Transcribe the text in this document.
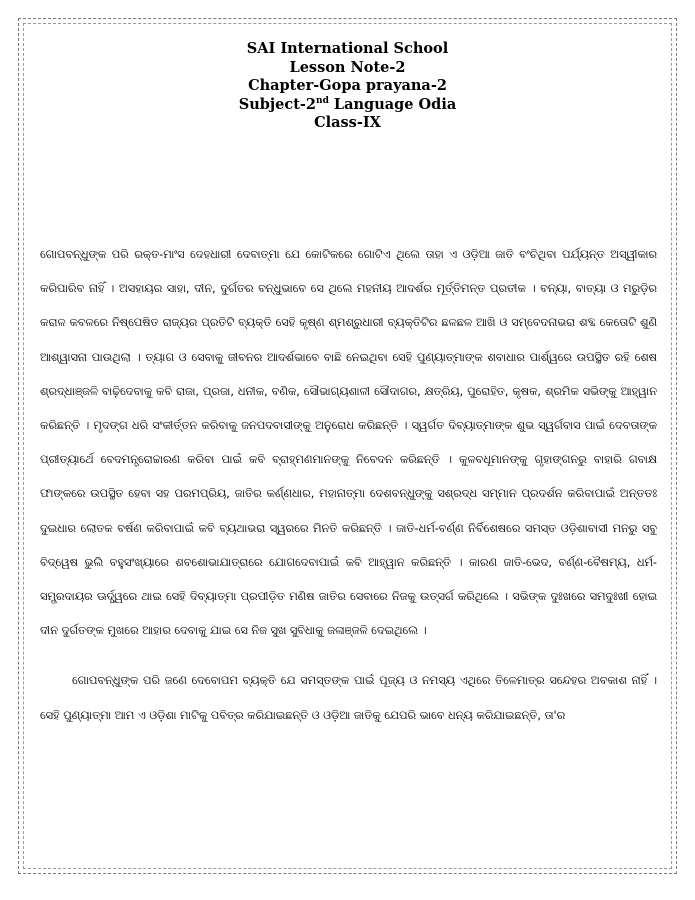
SAI International School
Lesson Note-2
Chapter-Gopa prayana-2
Subject-2nd Language Odia
Class-IX

ଗୋପବନ୍ଧୁଙ୍କ ପରି ରକ୍ତ-ମାଂସ ଦେହଧାରୀ ଦେବାତ୍ମା ଯେ କୋଟିକରେ ଗୋଟିଏ ଥିଲେ ତାହା ଏ ଓଡ଼ିଆ ଜାତି ବଂଚିଥିବା ପର୍ଯ୍ୟନ୍ତ ଅସ୍ୱୀକାର କରିପାରିବ ନାହିଁ । ଅସହାୟର ସାହା, ଦୀନ, ଦୁର୍ଗତର ବନ୍ଧୁଭାବେ ସେ ଥିଲେ ମହନୀୟ ଆଦର୍ଶର ମୂର୍ତ୍ତିମନ୍ତ ପ୍ରତୀକ । ବନ୍ୟା, ବାତ୍ୟା ଓ ମରୁଡ଼ିର କରାଳ କବଳରେ ନିଷ୍ପେଷିତ ରାଜ୍ୟର ପ୍ରତିଟି ବ୍ୟକ୍ତି ସେହି କୃଷ୍ଣ ଶ୍ମଶ୍ରୁଧାରୀ ବ୍ୟକ୍ତିଟିର ଛଳଛଳ ଆଖି ଓ ସମ୍ବେଦନାଭରା ଶବ୍ଦ କେତୋଟି ଶୁଣି ଆଶ୍ୱାସନା ପାଉଥିଲା । ତ୍ୟାଗ ଓ ସେବାକୁ ଜୀବନର ଆଦର୍ଶଭାବେ ବାଛି ନେଇଥିବା ସେହି ପୁଣ୍ୟାତ୍ମାଙ୍କ ଶବାଧାର ପାର୍ଶ୍ୱରେ ଉପସ୍ଥିତ ରହି ଶେଷ ଶ୍ରଦ୍ଧାଞ୍ଜଳି ବାଢ଼ିଦେବାକୁ କବି ରାଜା, ପ୍ରଜା, ଧନୀକ, ବଣିକ, ସୌଭାଗ୍ୟଶାଳୀ ସୌଦାଗର, କ୍ଷତ୍ରିୟ, ପୁରୋହିତ, କୃଷକ, ଶ୍ରମିକ ସଭିଙ୍କୁ ଆହ୍ୱାନ କରିଛନ୍ତି । ମୃଦଙ୍ଗ ଧରି ସଂକୀର୍ତ୍ତନ କରିବାକୁ ଜନପଦବାସୀଙ୍କୁ ଅନୁରୋଧ କରିଛନ୍ତି । ସ୍ୱର୍ଗତ ଦିବ୍ୟାତ୍ମାଙ୍କ ଶୁଭ ସ୍ୱର୍ଗବାସ ପାଇଁ ଦେବତାଙ୍କ ପ୍ରୀତ୍ୟାର୍ଥେ ବେଦମନ୍ତ୍ରୋଚ୍ଚାରଣ କରିବା ପାଇଁ କବି ବ୍ରାହ୍ମଣମାନଙ୍କୁ ନିବେଦନ କରିଛନ୍ତି । କୁଳବଧୂମାନଙ୍କୁ ଗୃହାଙ୍ଗନରୁ ବାହାରି ଗବାକ୍ଷ ଫାଙ୍କରେ ଉପସ୍ଥିତ ହେବା ସହ ପରମପ୍ରିୟ, ଜାତିର କର୍ଣ୍ଣଧାର, ମହାନାତ୍ମା ଦେଶବନ୍ଧୁଙ୍କୁ ସଶ୍ରଦ୍ଧ ସମ୍ମାନ ପ୍ରଦର୍ଶନ କରିବାପାଇଁ ଅନ୍ତତଃ ଦୁଇଧାର ଲୋତକ ବର୍ଷଣ କରିବାପାଇଁ କବି ବ୍ୟଥାଭରା ସ୍ୱରରେ ମିନତି କରିଛନ୍ତି । ଜାତି-ଧର୍ମ-ବର୍ଣ୍ଣ ନିର୍ବିଶେଷରେ ସମସ୍ତ ଓଡ଼ିଶାବାସୀ ମନରୁ ସବୁ ବିଦ୍ୱେଷ ଭୁଲି ବହୁସଂଖ୍ୟାରେ ଶବଶୋଭାଯାତ୍ରାରେ ଯୋଗଦେବାପାଇଁ କବି ଆହ୍ୱାନ କରିଛନ୍ତି । କାରଣ ଜାତି-ଭେଦ, ବର୍ଣ୍ଣ-ବୈଷମ୍ୟ, ଧର୍ମ-ସମ୍ପ୍ରଦାୟର ଊର୍ଦ୍ଧ୍ୱରେ ଥାଇ ସେହି ଦିବ୍ୟାତ୍ମା ପ୍ରପୀଡ଼ିତ ମଣିଷ ଜାତିର ସେବାରେ ନିଜକୁ ଉତ୍ସର୍ଗ କରିଥିଲେ । ସଭିଙ୍କ ଦୁଃଖରେ ସମଦୁଃଖୀ ହୋଇ ଦୀନ ଦୁର୍ଗତଙ୍କ ମୁଖରେ ଆହାର ଦେବାକୁ ଯାଇ ସେ ନିଜ ସୁଖ ସୁବିଧାକୁ ଜଳାଞ୍ଜଳି ଦେଇଥିଲେ ।

ଗୋପବନ୍ଧୁଙ୍କ ପରି ଜଣେ ଦେବୋପମ ବ୍ୟକ୍ତି ଯେ ସମସ୍ତଙ୍କ ପାଇଁ ପୂଜ୍ୟ ଓ ନମସ୍ୟ ଏଥିରେ ତିଳେମାତ୍ର ସନ୍ଦେହର ଅବକାଶ ନାହିଁ । ସେହି ପୁଣ୍ୟାତ୍ମା ଆମ ଏ ଓଡ଼ିଶା ମାଟିକୁ ପବିତ୍ର କରିଯାଇଛନ୍ତି ଓ ଓଡ଼ିଆ ଜାତିକୁ ଯେପରି ଭାବେ ଧନ୍ୟ କରିଯାଇଛନ୍ତି, ତା'ର
